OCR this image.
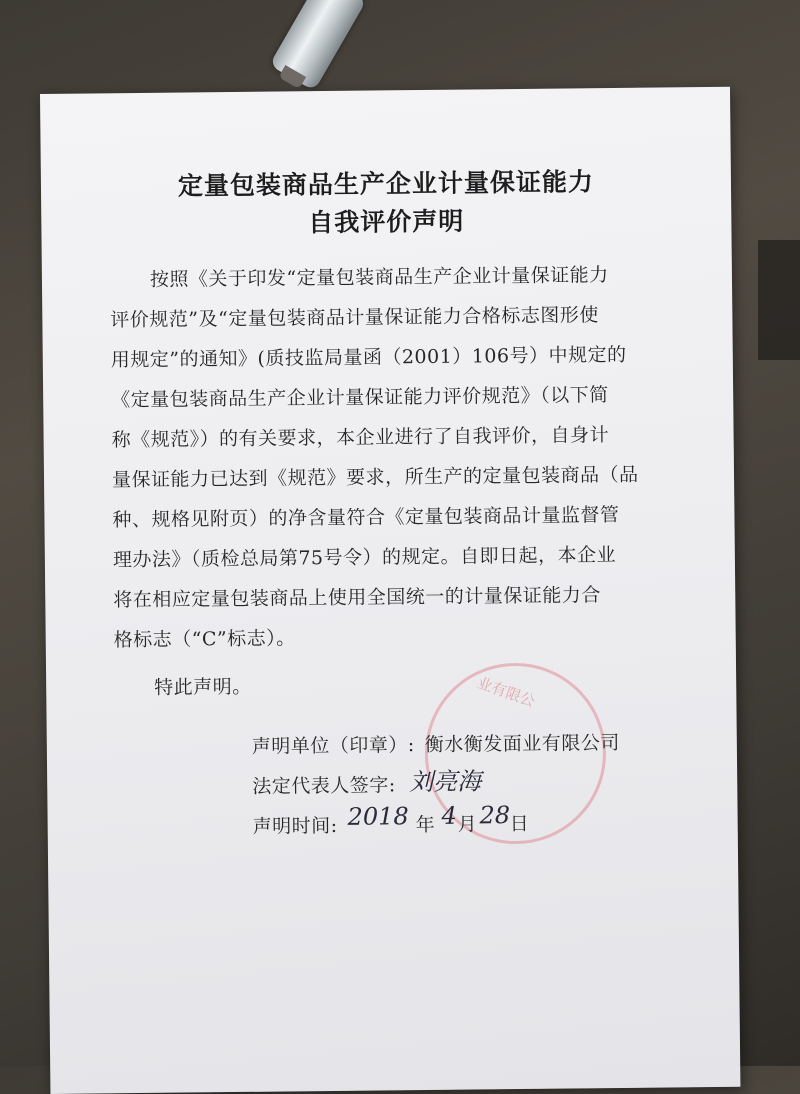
定量包装商品生产企业计量保证能力
自我评价声明
按照《关于印发“定量包装商品生产企业计量保证能力
评价规范”及“定量包装商品计量保证能力合格标志图形使
用规定”的通知》(质技监局量函（2001）106号）中规定的
《定量包装商品生产企业计量保证能力评价规范》（以下简
称《规范》）的有关要求，本企业进行了自我评价，自身计
量保证能力已达到《规范》要求，所生产的定量包装商品（品
种、规格见附页）的净含量符合《定量包装商品计量监督管
理办法》（质检总局第75号令）的规定。自即日起，本企业
将在相应定量包装商品上使用全国统一的计量保证能力合
格标志（“C”标志）。
特此声明。	业有限公
声明单位（印章）: 衡水衡发面业有限公司
法定代表人签字: 刘亮海
声明时间: 2018 年 4 月 28 日
